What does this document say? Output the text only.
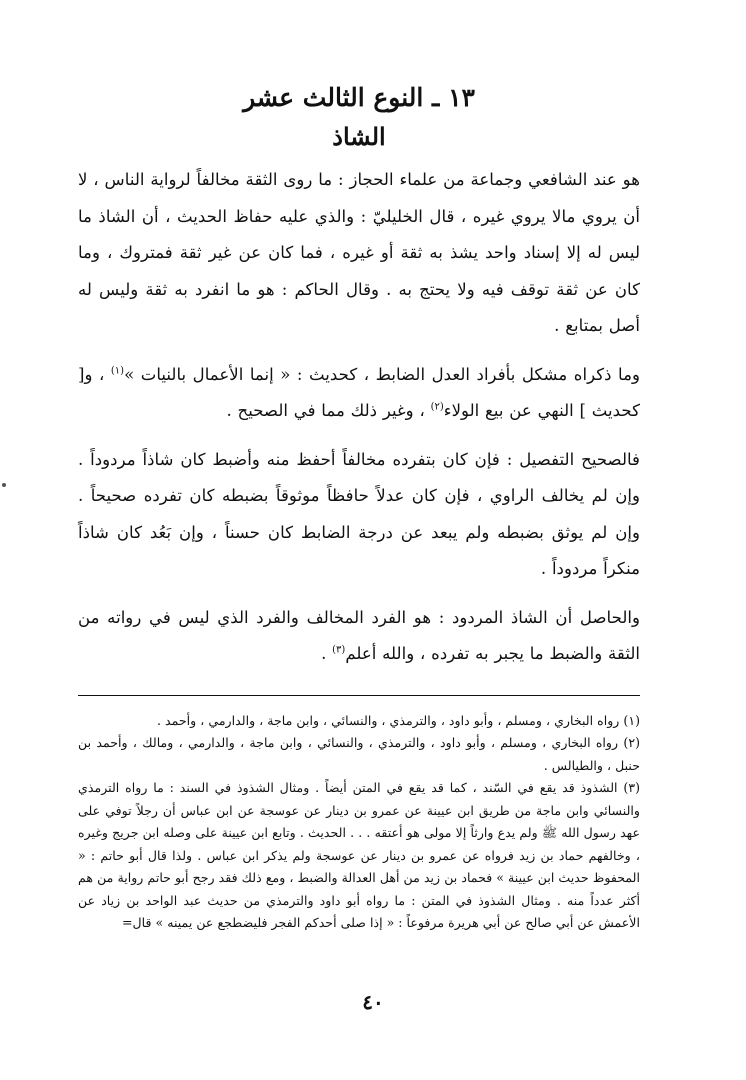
١٣ ـ النوع الثالث عشر
الشاذ

هو عند الشافعي وجماعة من علماء الحجاز : ما روى الثقة مخالفاً لرواية الناس ، لا أن يروي مالا يروي غيره ، قال الخليليّ : والذي عليه حفاظ الحديث ، أن الشاذ ما ليس له إلا إسناد واحد يشذ به ثقة أو غيره ، فما كان عن غير ثقة فمتروك ، وما كان عن ثقة توقف فيه ولا يحتج به . وقال الحاكم : هو ما انفرد به ثقة وليس له أصل بمتابع .

وما ذكراه مشكل بأفراد العدل الضابط ، كحديث : « إنما الأعمال بالنيات »$^{(١)}$ ، و[ كحديث ] النهي عن بيع الولاء$^{(٢)}$ ، وغير ذلك مما في الصحيح .

فالصحيح التفصيل : فإن كان بتفرده مخالفاً أحفظ منه وأضبط كان شاذاً مردوداً . وإن لم يخالف الراوي ، فإن كان عدلاً حافظاً موثوقاً بضبطه كان تفرده صحيحاً . وإن لم يوثق بضبطه ولم يبعد عن درجة الضابط كان حسناً ، وإن بَعُد كان شاذاً منكراً مردوداً .

والحاصل أن الشاذ المردود : هو الفرد المخالف والفرد الذي ليس في رواته من الثقة والضبط ما يجبر به تفرده ، والله أعلم$^{(٣)}$ .

(١) رواه البخاري ، ومسلم ، وأبو داود ، والترمذي ، والنسائي ، وابن ماجة ، والدارمي ، وأحمد .

(٢) رواه البخاري ، ومسلم ، وأبو داود ، والترمذي ، والنسائي ، وابن ماجة ، والدارمي ، ومالك ، وأحمد بن حنبل ، والطيالس .

(٣) الشذوذ قد يقع في السّند ، كما قد يقع في المتن أيضاً . ومثال الشذوذ في السند : ما رواه الترمذي والنسائي وابن ماجة من طريق ابن عيينة عن عمرو بن دينار عن عوسجة عن ابن عباس أن رجلاً توفي على عهد رسول الله ﷺ ولم يدع وارثاً إلا مولى هو أعتقه . . . الحديث . وتابع ابن عيينة على وصله ابن جريج وغيره ، وخالفهم حماد بن زيد فرواه عن عمرو بن دينار عن عوسجة ولم يذكر ابن عباس . ولذا قال أبو حاتم : « المحفوظ حديث ابن عيينة » فحماد بن زيد من أهل العدالة والضبط ، ومع ذلك فقد رجح أبو حاتم رواية من هم أكثر عدداً منه . ومثال الشذوذ في المتن : ما رواه أبو داود والترمذي من حديث عبد الواحد بن زياد عن الأعمش عن أبي صالح عن أبي هريرة مرفوعاً : « إذا صلى أحدكم الفجر فليضطجع عن يمينه » قال=

٤٠
